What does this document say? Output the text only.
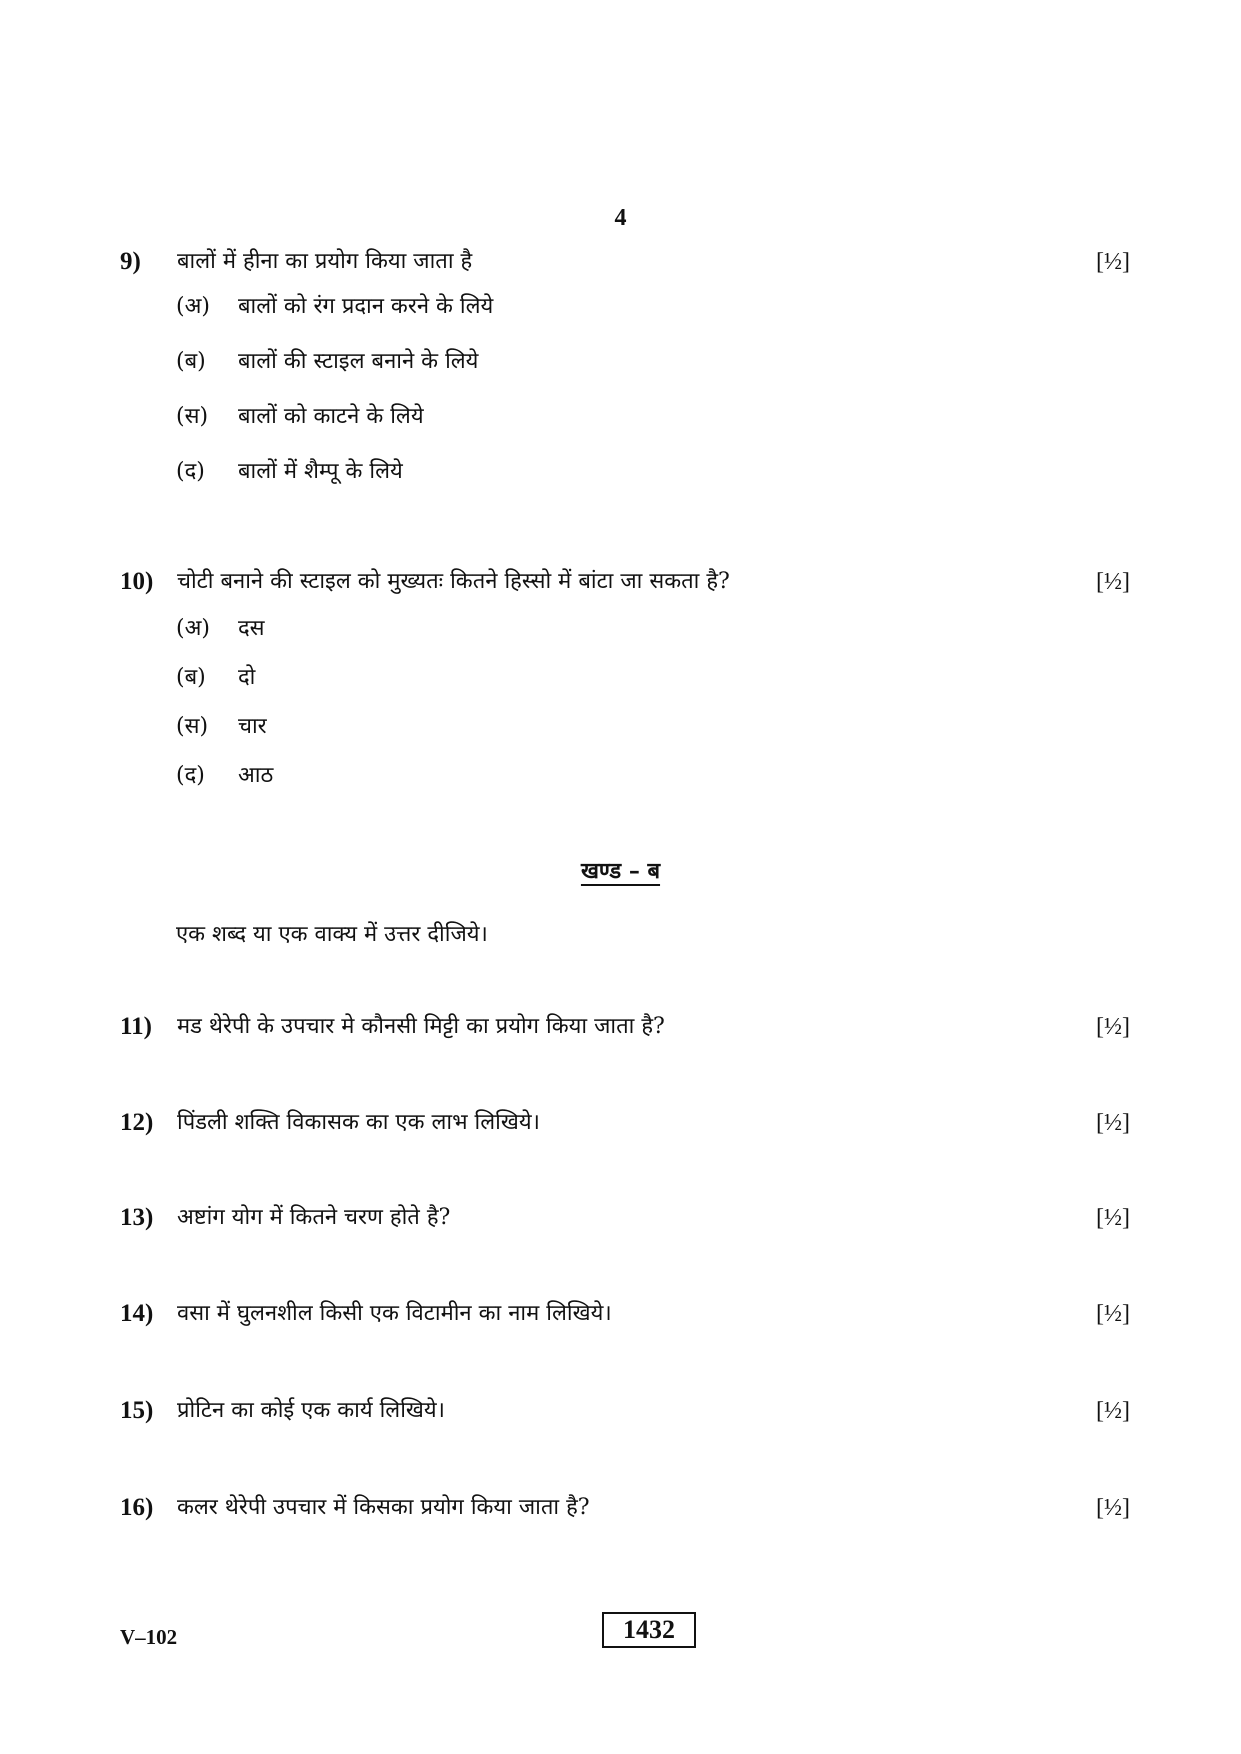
4
9) बालों में हीना का प्रयोग किया जाता है	[½]
(अ) बालों को रंग प्रदान करने के लिये
(ब) बालों की स्टाइल बनाने के लिये
(स) बालों को काटने के लिये
(द) बालों में शैम्पू के लिये
10) चोटी बनाने की स्टाइल को मुख्यतः कितने हिस्सो में बांटा जा सकता है?	[½]
(अ) दस
(ब) दो
(स) चार
(द) आठ
खण्ड – ब
एक शब्द या एक वाक्य में उत्तर दीजिये।
11) मड थेरेपी के उपचार मे कौनसी मिट्टी का प्रयोग किया जाता है?	[½]
12) पिंडली शक्ति विकासक का एक लाभ लिखिये।	[½]
13) अष्टांग योग में कितने चरण होते है?	[½]
14) वसा में घुलनशील किसी एक विटामीन का नाम लिखिये।	[½]
15) प्रोटिन का कोई एक कार्य लिखिये।	[½]
16) कलर थेरेपी उपचार में किसका प्रयोग किया जाता है?	[½]
V–102	1432
